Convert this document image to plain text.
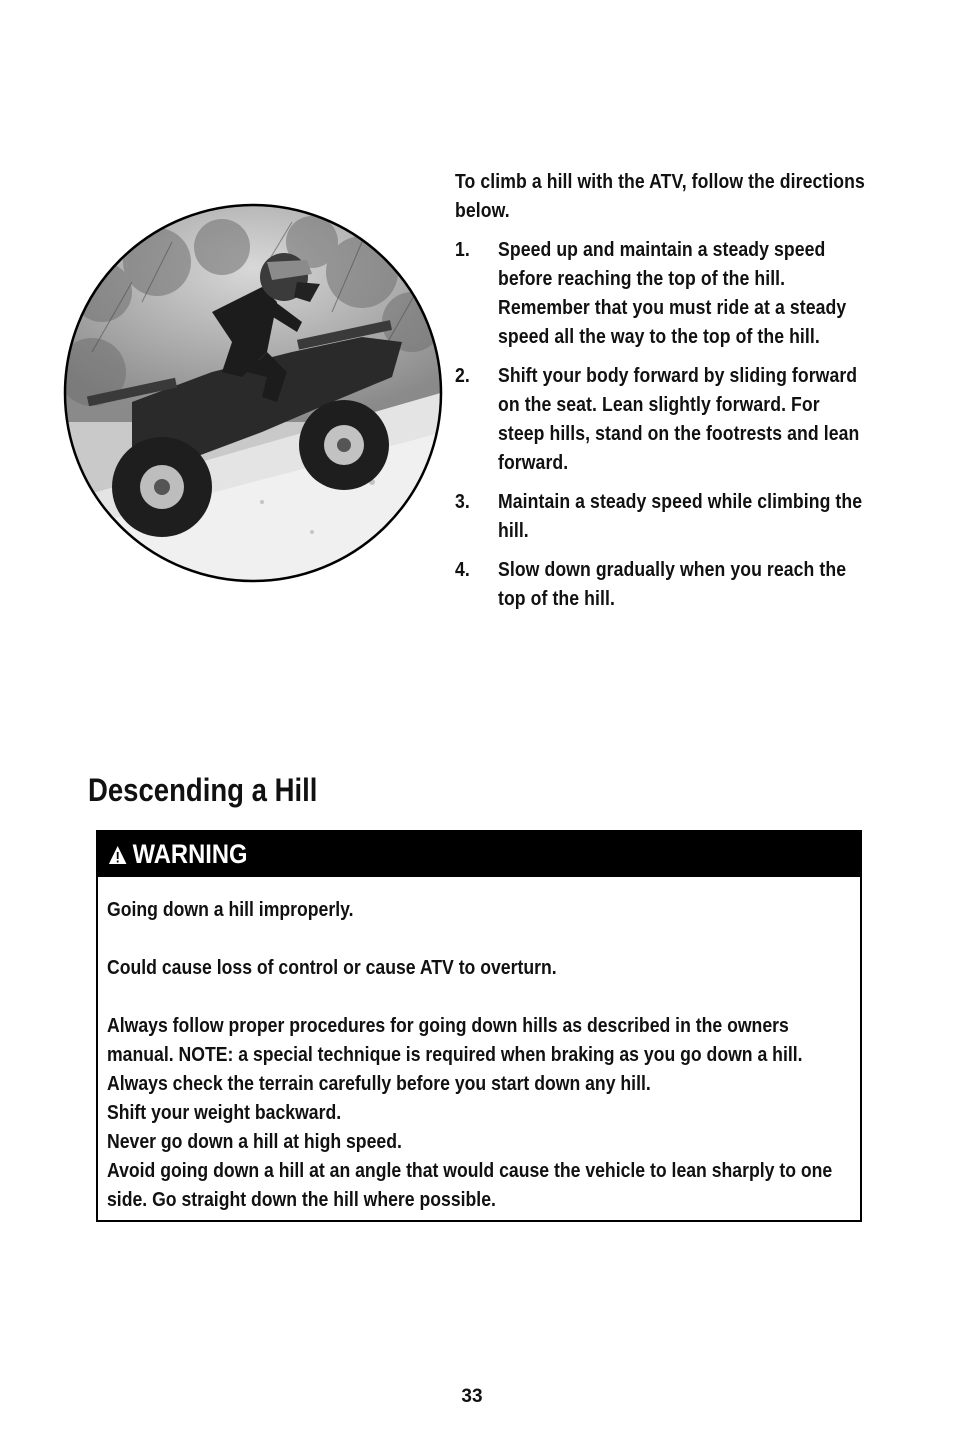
To climb a hill with the ATV, follow the directions below.

1.	Speed up and maintain a steady speed before reaching the top of the hill. Remember that you must ride at a steady speed all the way to the top of the hill.
2.	Shift your body forward by sliding forward on the seat. Lean slightly forward. For steep hills, stand on the footrests and lean forward.
3.	Maintain a steady speed while climbing the hill.
4.	Slow down gradually when you reach the top of the hill.
Descending a Hill
WARNING

Going down a hill improperly.

Could cause loss of control or cause ATV to overturn.

Always follow proper procedures for going down hills as described in the owners manual. NOTE: a special technique is required when braking as you go down a hill.
Always check the terrain carefully before you start down any hill.
Shift your weight backward.
Never go down a hill at high speed.
Avoid going down a hill at an angle that would cause the vehicle to lean sharply to one side. Go straight down the hill where possible.

33
